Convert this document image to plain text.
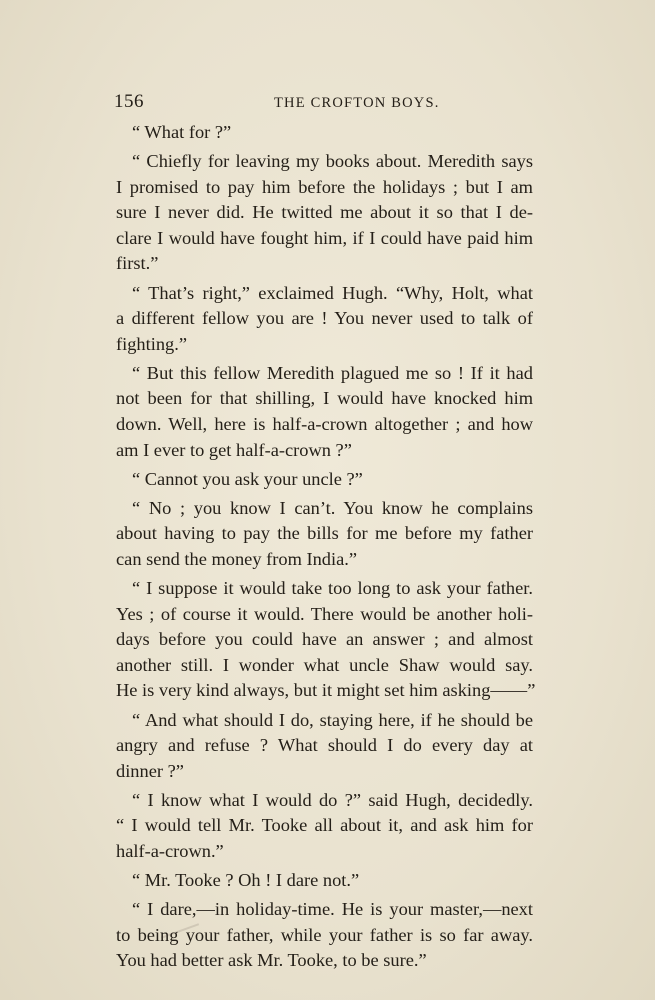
156	THE CROFTON BOYS.
“ What for ?”
“ Chiefly for leaving my books about. Meredith says
I promised to pay him before the holidays ; but I am
sure I never did. He twitted me about it so that I de-
clare I would have fought him, if I could have paid him
first.”
“ That’s right,” exclaimed Hugh. “Why, Holt, what
a different fellow you are ! You never used to talk of
fighting.”
“ But this fellow Meredith plagued me so ! If it had
not been for that shilling, I would have knocked him
down. Well, here is half-a-crown altogether ; and how
am I ever to get half-a-crown ?”
“ Cannot you ask your uncle ?”
“ No ; you know I can’t. You know he complains
about having to pay the bills for me before my father
can send the money from India.”
“ I suppose it would take too long to ask your father.
Yes ; of course it would. There would be another holi-
days before you could have an answer ; and almost
another still. I wonder what uncle Shaw would say.
He is very kind always, but it might set him asking——”
“ And what should I do, staying here, if he should be
angry and refuse ? What should I do every day at
dinner ?”
“ I know what I would do ?” said Hugh, decidedly.
“ I would tell Mr. Tooke all about it, and ask him for
half-a-crown.”
“ Mr. Tooke ? Oh ! I dare not.”
“ I dare,—in holiday-time. He is your master,—next
to being your father, while your father is so far away.
You had better ask Mr. Tooke, to be sure.”
